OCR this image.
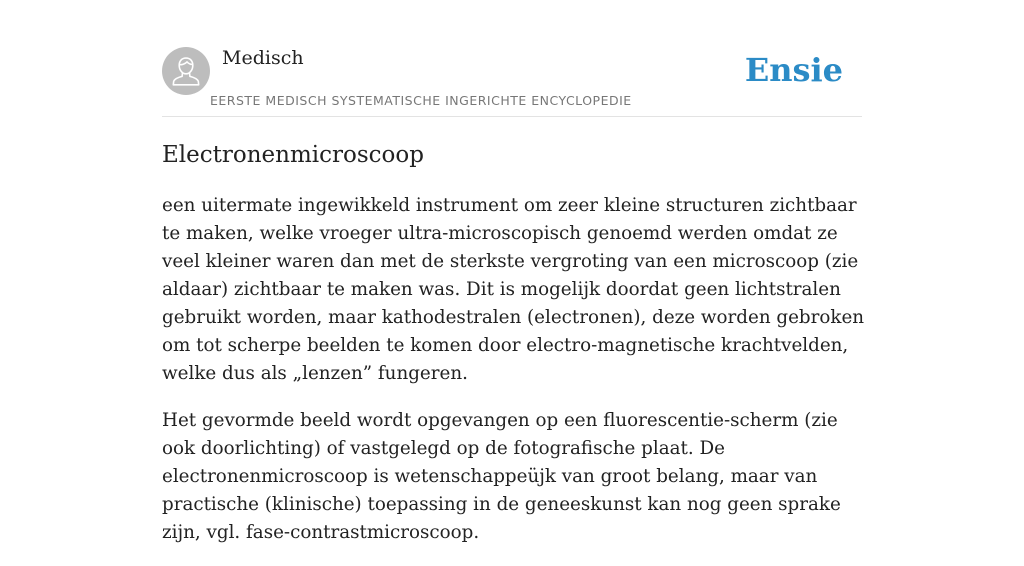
Medisch
EERSTE MEDISCH SYSTEMATISCHE INGERICHTE ENCYCLOPEDIE
Ensie
Electronenmicroscoop

een uitermate ingewikkeld instrument om zeer kleine structuren zichtbaar te maken, welke vroeger ultra-microscopisch genoemd werden omdat ze veel kleiner waren dan met de sterkste vergroting van een microscoop (zie aldaar) zichtbaar te maken was. Dit is mogelijk doordat geen lichtstralen gebruikt worden, maar kathodestralen (electronen), deze worden gebroken om tot scherpe beelden te komen door electro-magnetische krachtvelden, welke dus als „lenzen” fungeren.

Het gevormde beeld wordt opgevangen op een fluorescentie-scherm (zie ook doorlichting) of vastgelegd op de fotografische plaat. De electronenmicroscoop is wetenschappeüjk van groot belang, maar van practische (klinische) toepassing in de geneeskunst kan nog geen sprake zijn, vgl. fase-contrastmicroscoop.
